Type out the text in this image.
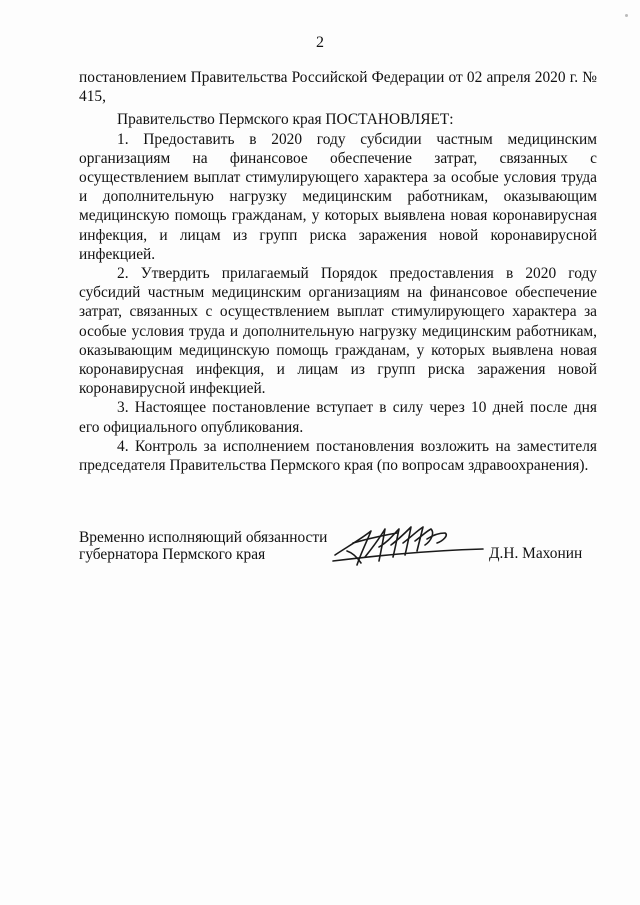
2

постановлением Правительства Российской Федерации от 02 апреля 2020 г. № 415,

Правительство Пермского края ПОСТАНОВЛЯЕТ:

1. Предоставить в 2020 году субсидии частным медицинским организациям на финансовое обеспечение затрат, связанных с осуществлением выплат стимулирующего характера за особые условия труда и дополнительную нагрузку медицинским работникам, оказывающим медицинскую помощь гражданам, у которых выявлена новая коронавирусная инфекция, и лицам из групп риска заражения новой коронавирусной инфекцией.

2. Утвердить прилагаемый Порядок предоставления в 2020 году субсидий частным медицинским организациям на финансовое обеспечение затрат, связанных с осуществлением выплат стимулирующего характера за особые условия труда и дополнительную нагрузку медицинским работникам, оказывающим медицинскую помощь гражданам, у которых выявлена новая коронавирусная инфекция, и лицам из групп риска заражения новой коронавирусной инфекцией.

3. Настоящее постановление вступает в силу через 10 дней после дня его официального опубликования.

4. Контроль за исполнением постановления возложить на заместителя председателя Правительства Пермского края (по вопросам здравоохранения).

Временно исполняющий обязанности
губернатора Пермского края	Д.Н. Махонин
